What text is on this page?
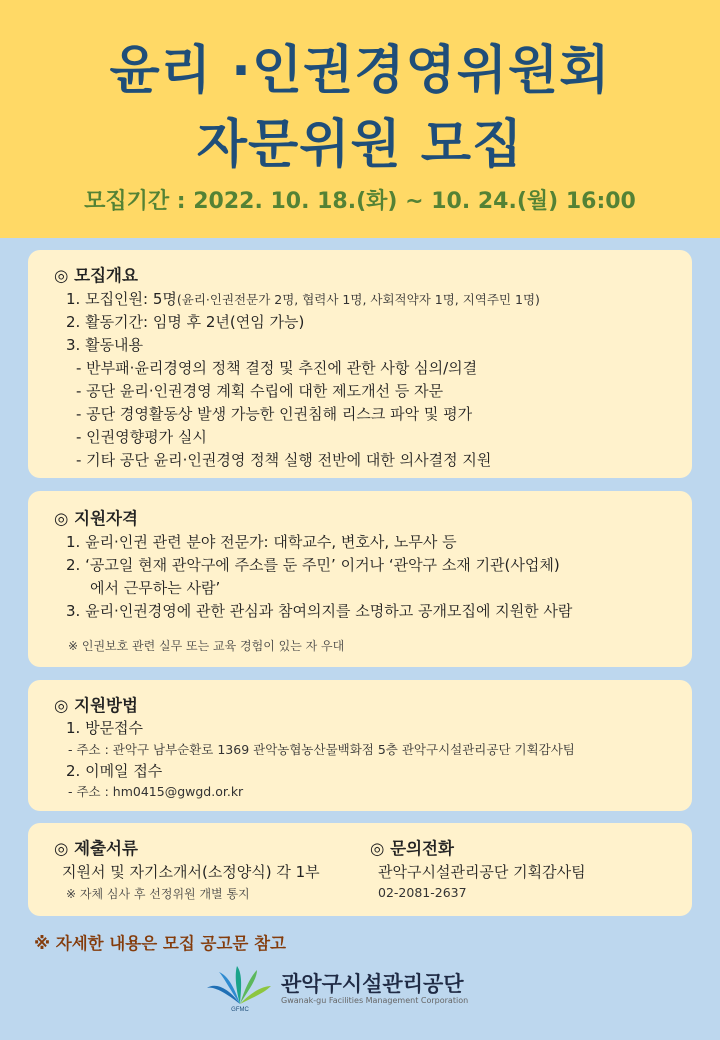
윤리 ·인권경영위원회
자문위원 모집
모집기간 : 2022. 10. 18.(화) ~ 10. 24.(월) 16:00
◎ 모집개요
1. 모집인원: 5명(윤리·인권전문가 2명, 협력사 1명, 사회적약자 1명, 지역주민 1명)
2. 활동기간: 임명 후 2년(연임 가능)
3. 활동내용
- 반부패·윤리경영의 정책 결정 및 추진에 관한 사항 심의/의결
- 공단 윤리·인권경영 계획 수립에 대한 제도개선 등 자문
- 공단 경영활동상 발생 가능한 인권침해 리스크 파악 및 평가
- 인권영향평가 실시
- 기타 공단 윤리·인권경영 정책 실행 전반에 대한 의사결정 지원
◎ 지원자격
1. 윤리·인권 관련 분야 전문가: 대학교수, 변호사, 노무사 등
2. ‘공고일 현재 관악구에 주소를 둔 주민’ 이거나 ‘관악구 소재 기관(사업체)
에서 근무하는 사람’
3. 윤리·인권경영에 관한 관심과 참여의지를 소명하고 공개모집에 지원한 사람
※ 인권보호 관련 실무 또는 교육 경험이 있는 자 우대
◎ 지원방법
1. 방문접수
- 주소 : 관악구 남부순환로 1369 관악농협농산물백화점 5층 관악구시설관리공단 기획감사팀
2. 이메일 접수
- 주소 : hm0415@gwgd.or.kr
◎ 제출서류
지원서 및 자기소개서(소정양식) 각 1부
※ 자체 심사 후 선정위원 개별 통지
◎ 문의전화
관악구시설관리공단 기획감사팀
02-2081-2637
※ 자세한 내용은 모집 공고문 참고
GFMC
관악구시설관리공단
Gwanak-gu Facilities Management Corporation
